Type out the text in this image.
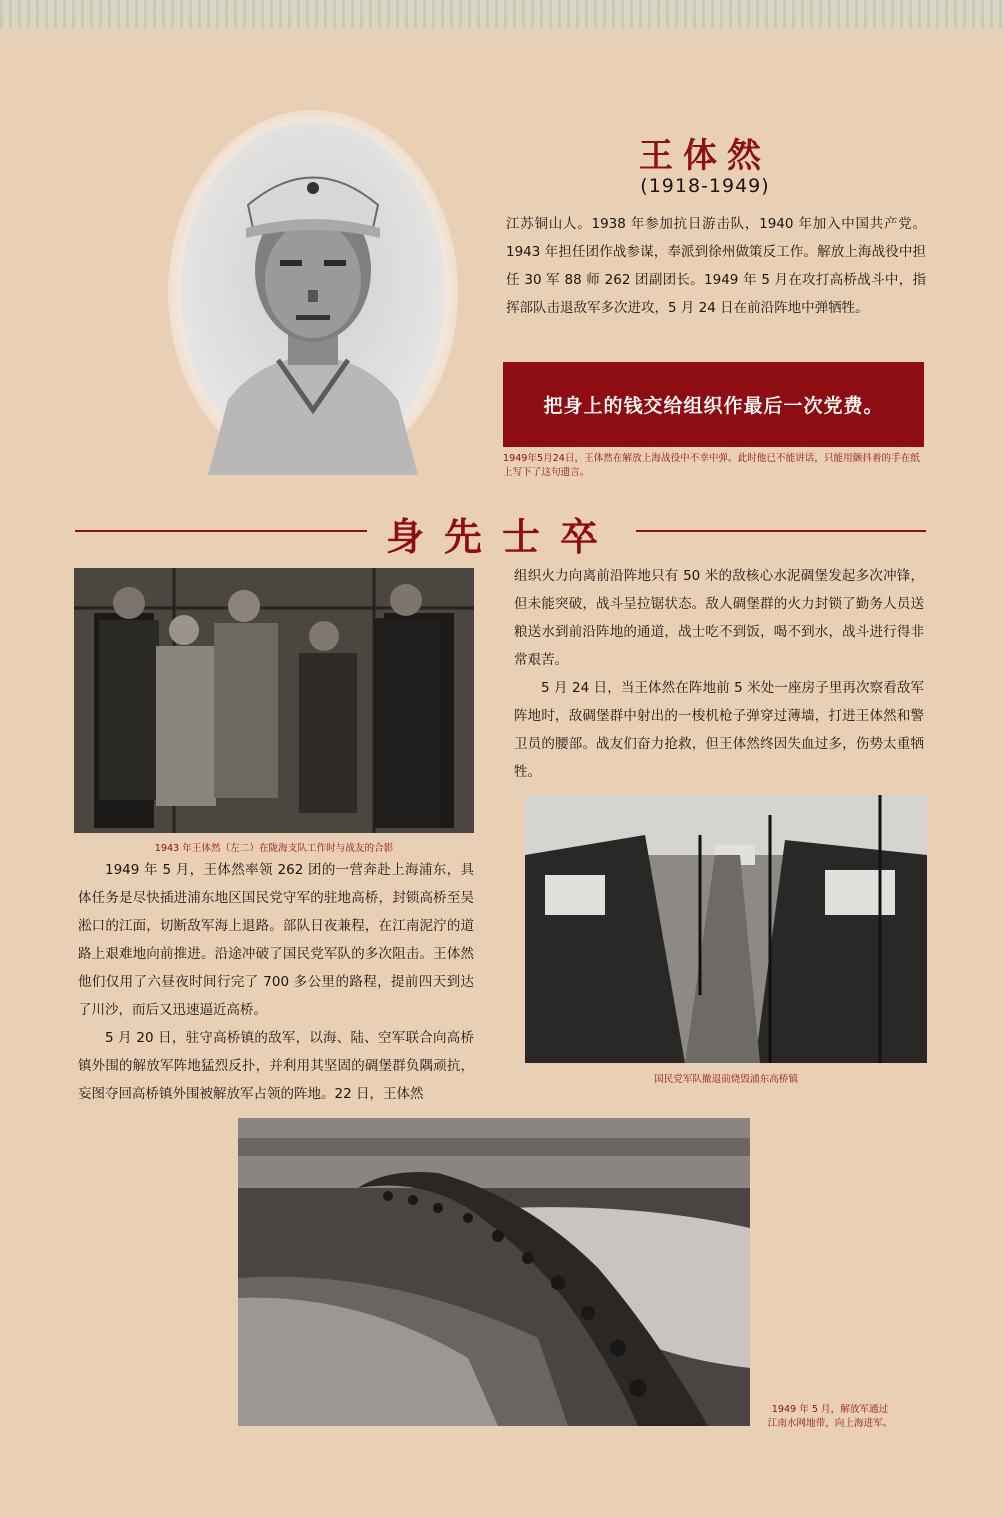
王体然
(1918-1949)
江苏铜山人。1938 年参加抗日游击队，1940 年加入中国共产党。1943 年担任团作战参谋，奉派到徐州做策反工作。解放上海战役中担任 30 军 88 师 262 团副团长。1949 年 5 月在攻打高桥战斗中，指挥部队击退敌军多次进攻，5 月 24 日在前沿阵地中弹牺牲。
把身上的钱交给组织作最后一次党费。
1949年5月24日，王体然在解放上海战役中不幸中弹。此时他已不能讲话，只能用颤抖着的手在纸上写下了这句遗言。
身先士卒
1943 年王体然（左二）在陇海支队工作时与战友的合影

1949 年 5 月，王体然率领 262 团的一营奔赴上海浦东，具体任务是尽快插进浦东地区国民党守军的驻地高桥，封锁高桥至吴淞口的江面，切断敌军海上退路。部队日夜兼程，在江南泥泞的道路上艰难地向前推进。沿途冲破了国民党军队的多次阻击。王体然他们仅用了六昼夜时间行完了 700 多公里的路程，提前四天到达了川沙，而后又迅速逼近高桥。

5 月 20 日，驻守高桥镇的敌军，以海、陆、空军联合向高桥镇外围的解放军阵地猛烈反扑，并利用其坚固的碉堡群负隅顽抗，妄图夺回高桥镇外围被解放军占领的阵地。22 日，王体然

组织火力向离前沿阵地只有 50 米的敌核心水泥碉堡发起多次冲锋，但未能突破，战斗呈拉锯状态。敌人碉堡群的火力封锁了勤务人员送粮送水到前沿阵地的通道，战士吃不到饭，喝不到水，战斗进行得非常艰苦。

5 月 24 日，当王体然在阵地前 5 米处一座房子里再次察看敌军阵地时，敌碉堡群中射出的一梭机枪子弹穿过薄墙，打进王体然和警卫员的腰部。战友们奋力抢救，但王体然终因失血过多，伤势太重牺牲。

国民党军队撤退前烧毁浦东高桥镇
1949 年 5 月，解放军通过
江南水网地带，向上海进军。
